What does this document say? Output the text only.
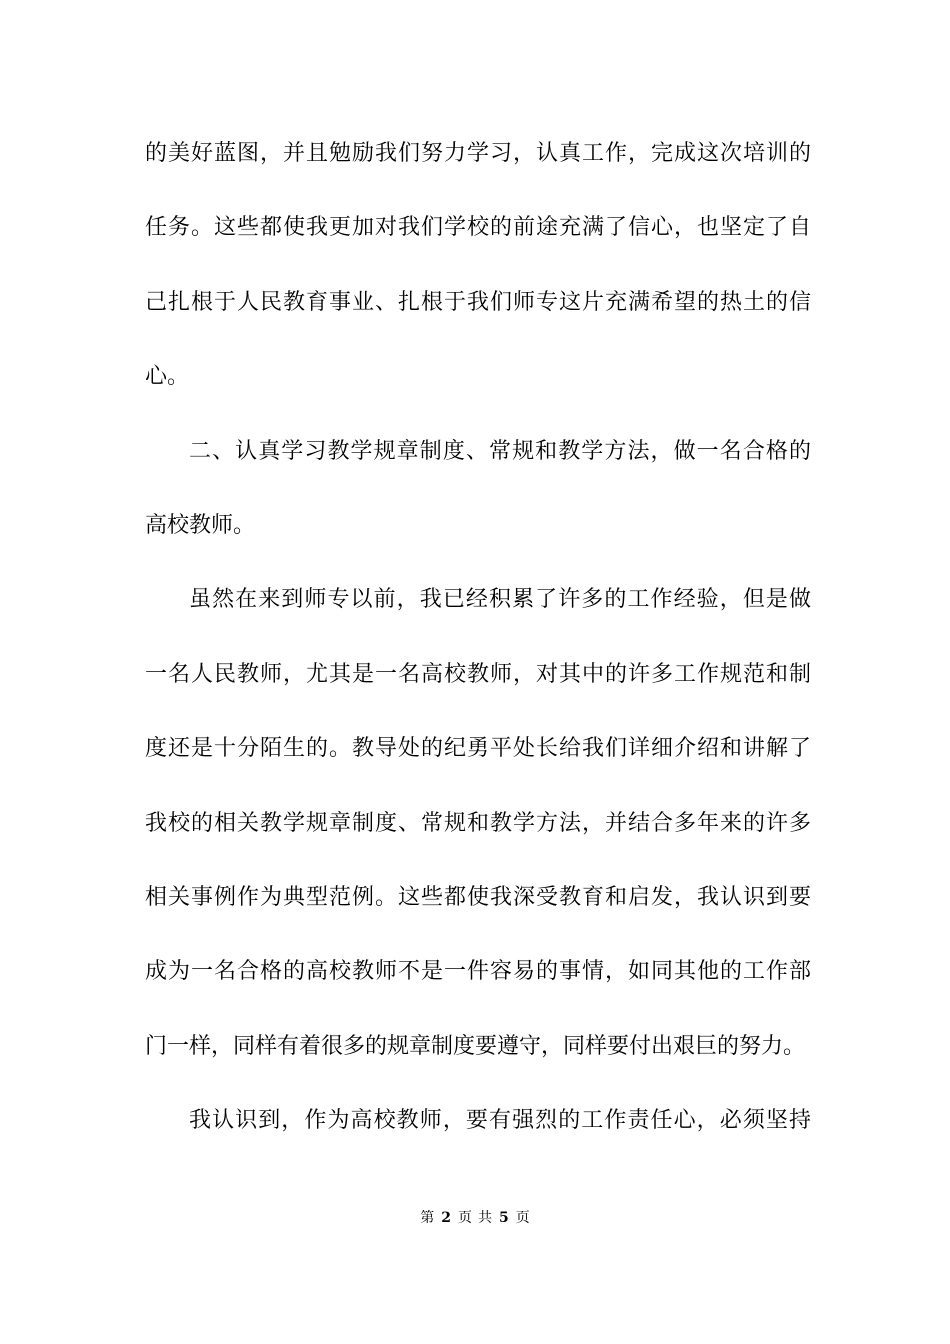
的美好蓝图，并且勉励我们努力学习，认真工作，完成这次培训的
任务。这些都使我更加对我们学校的前途充满了信心，也坚定了自
己扎根于人民教育事业、扎根于我们师专这片充满希望的热土的信
心。
二、认真学习教学规章制度、常规和教学方法，做一名合格的
高校教师。
虽然在来到师专以前，我已经积累了许多的工作经验，但是做
一名人民教师，尤其是一名高校教师，对其中的许多工作规范和制
度还是十分陌生的。教导处的纪勇平处长给我们详细介绍和讲解了
我校的相关教学规章制度、常规和教学方法，并结合多年来的许多
相关事例作为典型范例。这些都使我深受教育和启发，我认识到要
成为一名合格的高校教师不是一件容易的事情，如同其他的工作部
门一样，同样有着很多的规章制度要遵守，同样要付出艰巨的努力。
我认识到，作为高校教师，要有强烈的工作责任心，必须坚持
第 2 页 共 5 页
